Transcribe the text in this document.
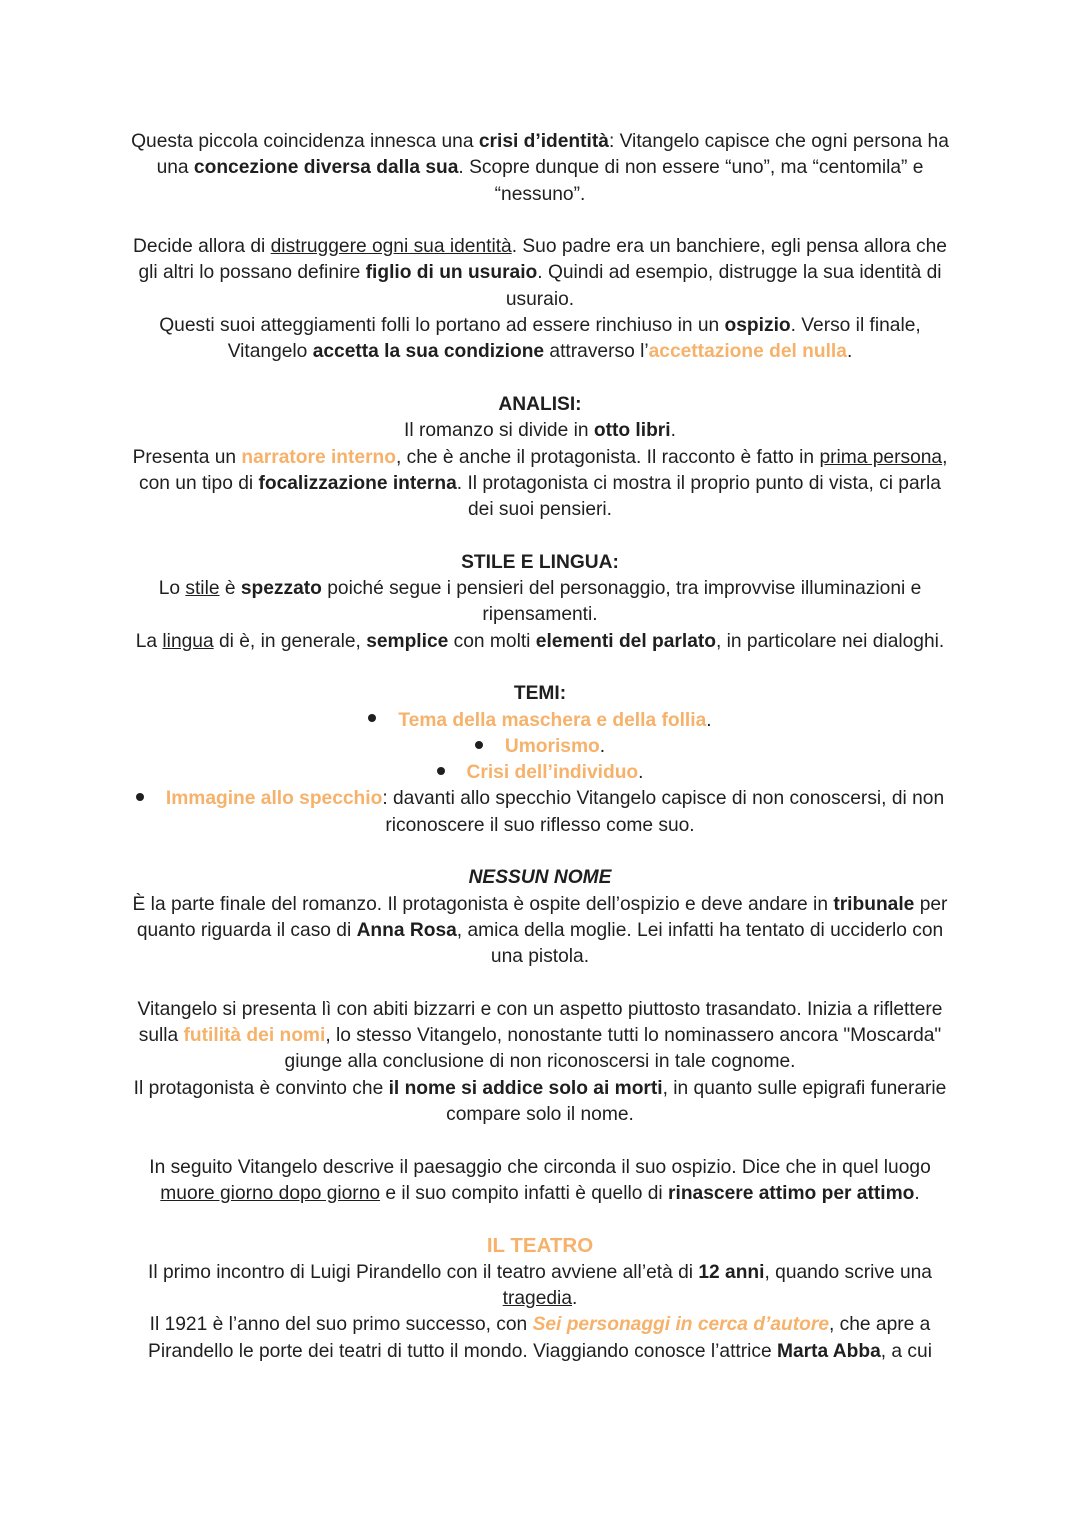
Questa piccola coincidenza innesca una crisi d’identità: Vitangelo capisce che ogni persona ha una concezione diversa dalla sua. Scopre dunque di non essere “uno”, ma “centomila” e “nessuno”.

Decide allora di distruggere ogni sua identità. Suo padre era un banchiere, egli pensa allora che gli altri lo possano definire figlio di un usuraio. Quindi ad esempio, distrugge la sua identità di usuraio.

Questi suoi atteggiamenti folli lo portano ad essere rinchiuso in un ospizio. Verso il finale, Vitangelo accetta la sua condizione attraverso l’accettazione del nulla.

ANALISI:

Il romanzo si divide in otto libri.

Presenta un narratore interno, che è anche il protagonista. Il racconto è fatto in prima persona, con un tipo di focalizzazione interna. Il protagonista ci mostra il proprio punto di vista, ci parla dei suoi pensieri.

STILE E LINGUA:

Lo stile è spezzato poiché segue i pensieri del personaggio, tra improvvise illuminazioni e ripensamenti.

La lingua di è, in generale, semplice con molti elementi del parlato, in particolare nei dialoghi.

TEMI:

Tema della maschera e della follia.
Umorismo.
Crisi dell’individuo.
Immagine allo specchio: davanti allo specchio Vitangelo capisce di non conoscersi, di non riconoscere il suo riflesso come suo.

NESSUN NOME

È la parte finale del romanzo. Il protagonista è ospite dell’ospizio e deve andare in tribunale per quanto riguarda il caso di Anna Rosa, amica della moglie. Lei infatti ha tentato di ucciderlo con una pistola.

Vitangelo si presenta lì con abiti bizzarri e con un aspetto piuttosto trasandato. Inizia a riflettere sulla futilità dei nomi, lo stesso Vitangelo, nonostante tutti lo nominassero ancora "Moscarda" giunge alla conclusione di non riconoscersi in tale cognome.

Il protagonista è convinto che il nome si addice solo ai morti, in quanto sulle epigrafi funerarie compare solo il nome.

In seguito Vitangelo descrive il paesaggio che circonda il suo ospizio. Dice che in quel luogo muore giorno dopo giorno e il suo compito infatti è quello di rinascere attimo per attimo.

IL TEATRO

Il primo incontro di Luigi Pirandello con il teatro avviene all’età di 12 anni, quando scrive una tragedia.

Il 1921 è l’anno del suo primo successo, con Sei personaggi in cerca d’autore, che apre a Pirandello le porte dei teatri di tutto il mondo. Viaggiando conosce l’attrice Marta Abba, a cui
